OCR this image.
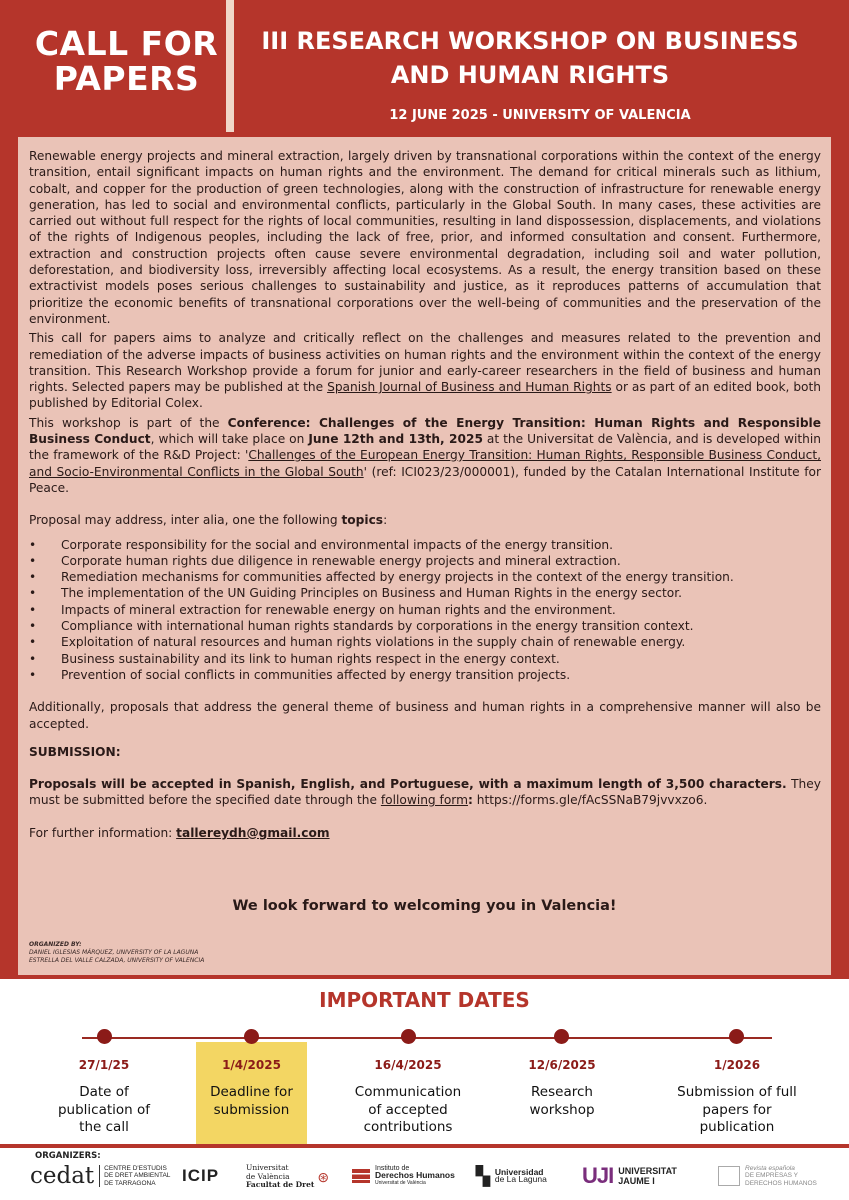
CALL FOR
PAPERS
III RESEARCH WORKSHOP ON BUSINESS
AND HUMAN RIGHTS
12 JUNE 2025 - UNIVERSITY OF VALENCIA

Renewable energy projects and mineral extraction, largely driven by transnational corporations within the context of the energy transition, entail significant impacts on human rights and the environment. The demand for critical minerals such as lithium, cobalt, and copper for the production of green technologies, along with the construction of infrastructure for renewable energy generation, has led to social and environmental conflicts, particularly in the Global South. In many cases, these activities are carried out without full respect for the rights of local communities, resulting in land dispossession, displacements, and violations of the rights of Indigenous peoples, including the lack of free, prior, and informed consultation and consent. Furthermore, extraction and construction projects often cause severe environmental degradation, including soil and water pollution, deforestation, and biodiversity loss, irreversibly affecting local ecosystems. As a result, the energy transition based on these extractivist models poses serious challenges to sustainability and justice, as it reproduces patterns of accumulation that prioritize the economic benefits of transnational corporations over the well-being of communities and the preservation of the environment.

This call for papers aims to analyze and critically reflect on the challenges and measures related to the prevention and remediation of the adverse impacts of business activities on human rights and the environment within the context of the energy transition. This Research Workshop provide a forum for junior and early-career researchers in the field of business and human rights. Selected papers may be published at the Spanish Journal of Business and Human Rights or as part of an edited book, both published by Editorial Colex.

This workshop is part of the Conference: Challenges of the Energy Transition: Human Rights and Responsible Business Conduct, which will take place on June 12th and 13th, 2025 at the Universitat de València, and is developed within the framework of the R&D Project: 'Challenges of the European Energy Transition: Human Rights, Responsible Business Conduct, and Socio-Environmental Conflicts in the Global South' (ref: ICI023/23/000001), funded by the Catalan International Institute for Peace.

Proposal may address, inter alia, one the following topics:

• Corporate responsibility for the social and environmental impacts of the energy transition.
• Corporate human rights due diligence in renewable energy projects and mineral extraction.
• Remediation mechanisms for communities affected by energy projects in the context of the energy transition.
• The implementation of the UN Guiding Principles on Business and Human Rights in the energy sector.
• Impacts of mineral extraction for renewable energy on human rights and the environment.
• Compliance with international human rights standards by corporations in the energy transition context.
• Exploitation of natural resources and human rights violations in the supply chain of renewable energy.
• Business sustainability and its link to human rights respect in the energy context.
• Prevention of social conflicts in communities affected by energy transition projects.

Additionally, proposals that address the general theme of business and human rights in a comprehensive manner will also be accepted.

SUBMISSION:

Proposals will be accepted in Spanish, English, and Portuguese, with a maximum length of 3,500 characters. They must be submitted before the specified date through the following form: https://forms.gle/fAcSSNaB79jvvxzo6.

For further information: tallereydh@gmail.com

We look forward to welcoming you in Valencia!
ORGANIZED BY:
DANIEL IGLESIAS MÁRQUEZ, UNIVERSITY OF LA LAGUNA
ESTRELLA DEL VALLE CALZADA, UNIVERSITY OF VALENCIA
IMPORTANT DATES
27/1/25
Date of
publication of
the call
1/4/2025
Deadline for
submission
16/4/2025
Communication
of accepted
contributions
12/6/2025
Research
workshop
1/2026
Submission of full
papers for
publication
ORGANIZERS:
cedat CENTRE D'ESTUDIS
DE DRET AMBIENTAL
DE TARRAGONA	ICIP	Universitat
de València
Facultat de Dret
⊛
Instituto de
Derechos Humanos
Universitat de València	▚ Universidad
de La Laguna UJI UNIVERSITAT
JAUME I
Revista española
DE EMPRESAS Y
DERECHOS HUMANOS
